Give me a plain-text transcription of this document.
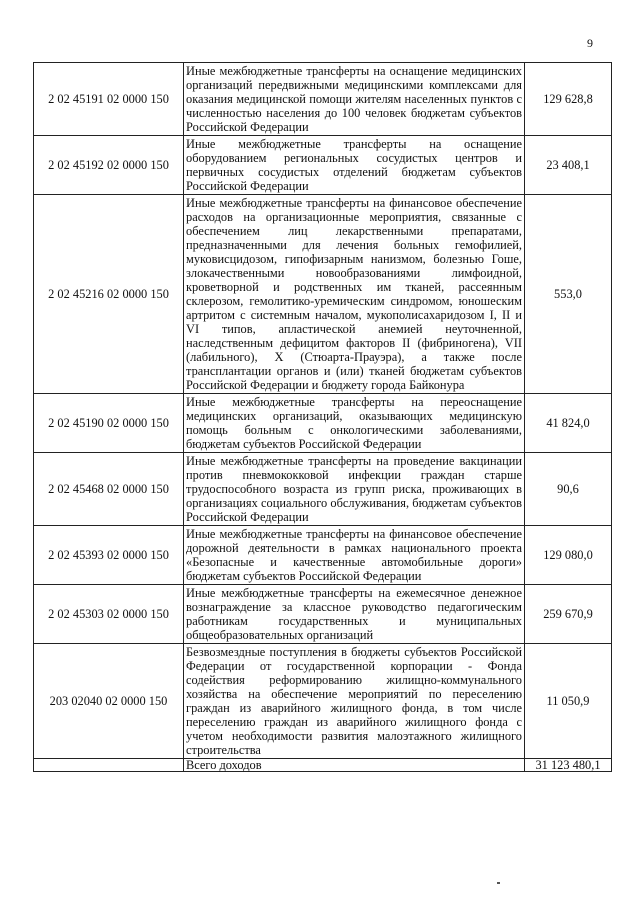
9
2 02 45191 02 0000 150	Иные межбюджетные трансферты на оснащение медицинских организаций передвижными медицинскими комплексами для оказания медицинской помощи жителям населенных пунктов с численностью населения до 100 человек бюджетам субъектов Российской Федерации	129 628,8
2 02 45192 02 0000 150	Иные межбюджетные трансферты на оснащение оборудованием региональных сосудистых центров и первичных сосудистых отделений бюджетам субъектов Российской Федерации	23 408,1
2 02 45216 02 0000 150	Иные межбюджетные трансферты на финансовое обеспечение расходов на организационные мероприятия, связанные с обеспечением лиц лекарственными препаратами, предназначенными для лечения больных гемофилией, муковисцидозом, гипофизарным нанизмом, болезнью Гоше, злокачественными новообразованиями лимфоидной, кроветворной и родственных им тканей, рассеянным склерозом, гемолитико-уремическим синдромом, юношеским артритом с системным началом, мукополисахаридозом I, II и VI типов, апластической анемией неуточненной, наследственным дефицитом факторов II (фибриногена), VII (лабильного), X (Стюарта-Прауэра), а также после трансплантации органов и (или) тканей бюджетам субъектов Российской Федерации и бюджету города Байконура	553,0
2 02 45190 02 0000 150	Иные межбюджетные трансферты на переоснащение медицинских организаций, оказывающих медицинскую помощь больным с онкологическими заболеваниями, бюджетам субъектов Российской Федерации	41 824,0
2 02 45468 02 0000 150	Иные межбюджетные трансферты на проведение вакцинации против пневмококковой инфекции граждан старше трудоспособного возраста из групп риска, проживающих в организациях социального обслуживания, бюджетам субъектов Российской Федерации	90,6
2 02 45393 02 0000 150	Иные межбюджетные трансферты на финансовое обеспечение дорожной деятельности в рамках национального проекта «Безопасные и качественные автомобильные дороги» бюджетам субъектов Российской Федерации	129 080,0
2 02 45303 02 0000 150	Иные межбюджетные трансферты на ежемесячное денежное вознаграждение за классное руководство педагогическим работникам государственных и муниципальных общеобразовательных организаций	259 670,9
203 02040 02 0000 150	Безвозмездные поступления в бюджеты субъектов Российской Федерации от государственной корпорации - Фонда содействия реформированию жилищно-коммунального хозяйства на обеспечение мероприятий по переселению граждан из аварийного жилищного фонда, в том числе переселению граждан из аварийного жилищного фонда с учетом необходимости развития малоэтажного жилищного строительства	11 050,9
	Всего доходов	31 123 480,1
